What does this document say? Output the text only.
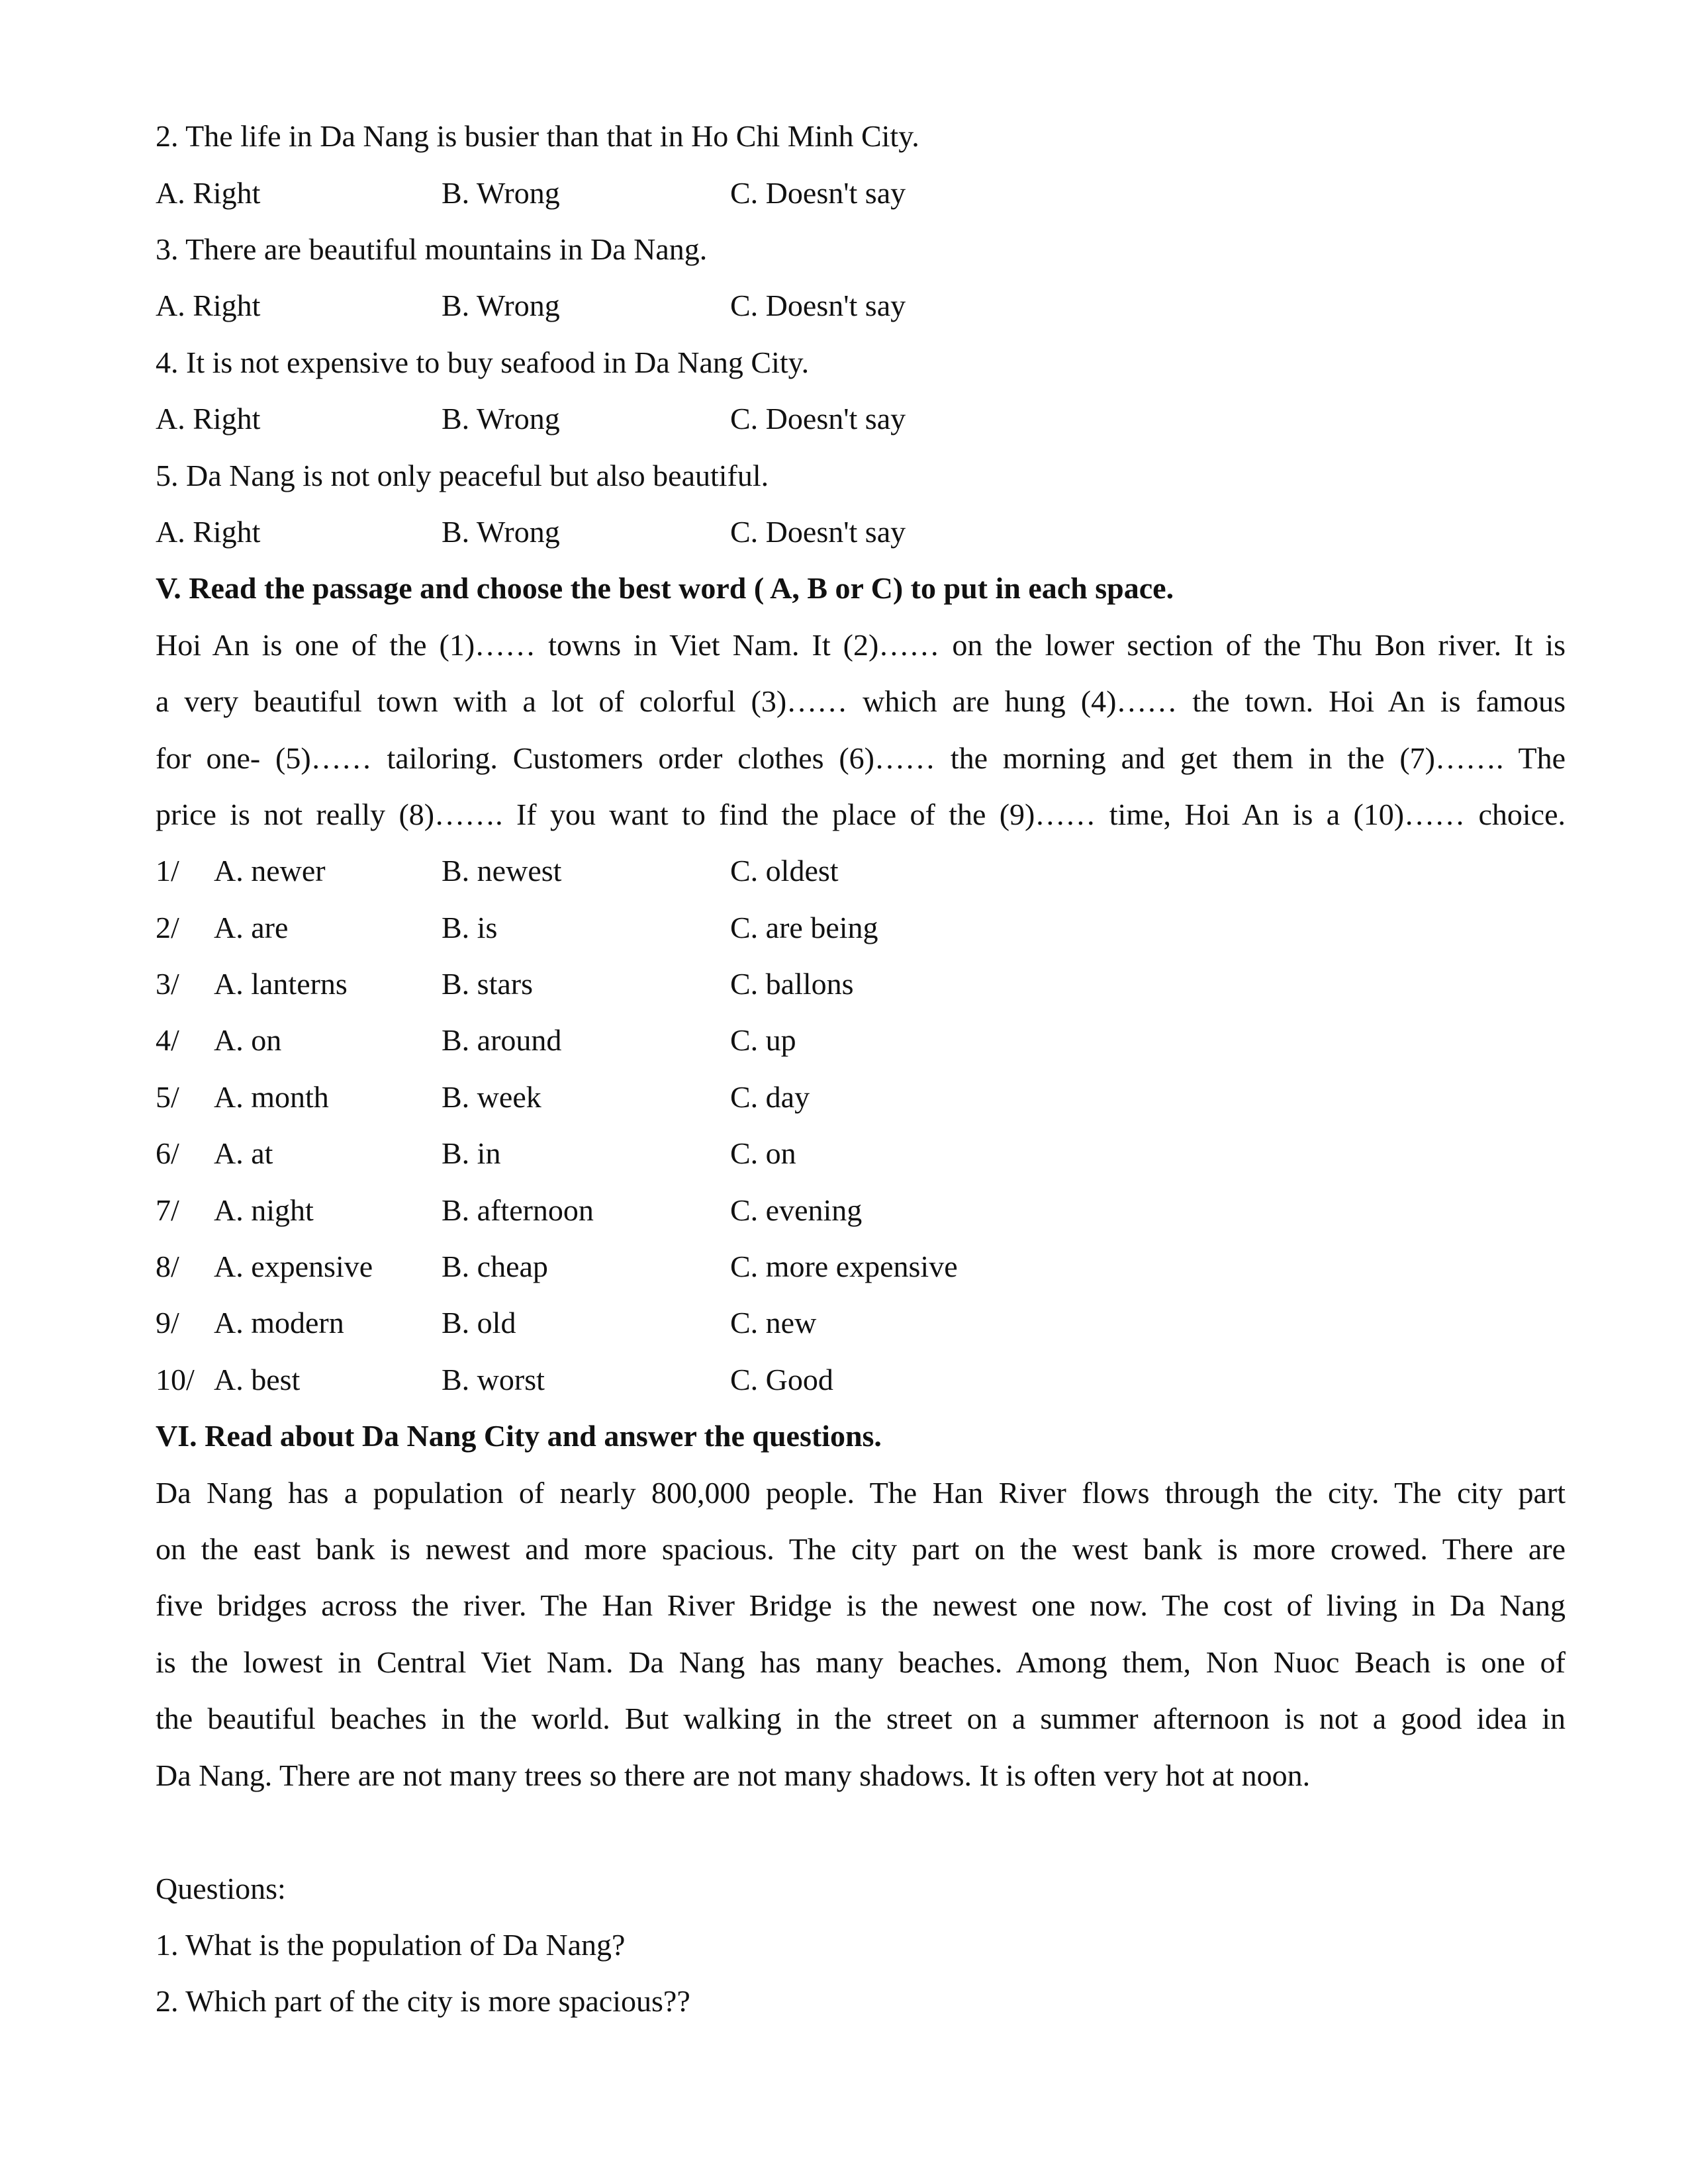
2. The life in Da Nang is busier than that in Ho Chi Minh City.
A. Right	B. Wrong	C. Doesn't say
3. There are beautiful mountains in Da Nang.
A. Right	B. Wrong	C. Doesn't say
4. It is not expensive to buy seafood in Da Nang City.
A. Right	B. Wrong	C. Doesn't say
5. Da Nang is not only peaceful but also beautiful.
A. Right	B. Wrong	C. Doesn't say
V. Read the passage and choose the best word ( A, B or C) to put in each space.
Hoi An is one of the (1)…… towns in Viet Nam. It (2)…… on the lower section of the Thu Bon river. It is
a very beautiful town with a lot of colorful (3)…… which are hung (4)…… the town. Hoi An is famous
for one- (5)…… tailoring. Customers order clothes (6)…… the morning and get them in the (7)……. The
price is not really (8)……. If you want to find the place of the (9)…… time, Hoi An is a (10)…… choice.
1/ A. newer	B. newest	C. oldest
2/ A. are	B. is	C. are being
3/ A. lanterns	B. stars	C. ballons
4/ A. on	B. around	C. up
5/ A. month	B. week	C. day
6/ A. at	B. in	C. on
7/ A. night	B. afternoon	C. evening
8/ A. expensive B. cheap	C. more expensive
9/ A. modern	B. old	C. new
10/ A. best	B. worst	C. Good
VI. Read about Da Nang City and answer the questions.
Da Nang has a population of nearly 800,000 people. The Han River flows through the city. The city part
on the east bank is newest and more spacious. The city part on the west bank is more crowed. There are
five bridges across the river. The Han River Bridge is the newest one now. The cost of living in Da Nang
is the lowest in Central Viet Nam. Da Nang has many beaches. Among them, Non Nuoc Beach is one of
the beautiful beaches in the world. But walking in the street on a summer afternoon is not a good idea in
Da Nang. There are not many trees so there are not many shadows. It is often very hot at noon.
Questions:
1. What is the population of Da Nang?
2. Which part of the city is more spacious??
